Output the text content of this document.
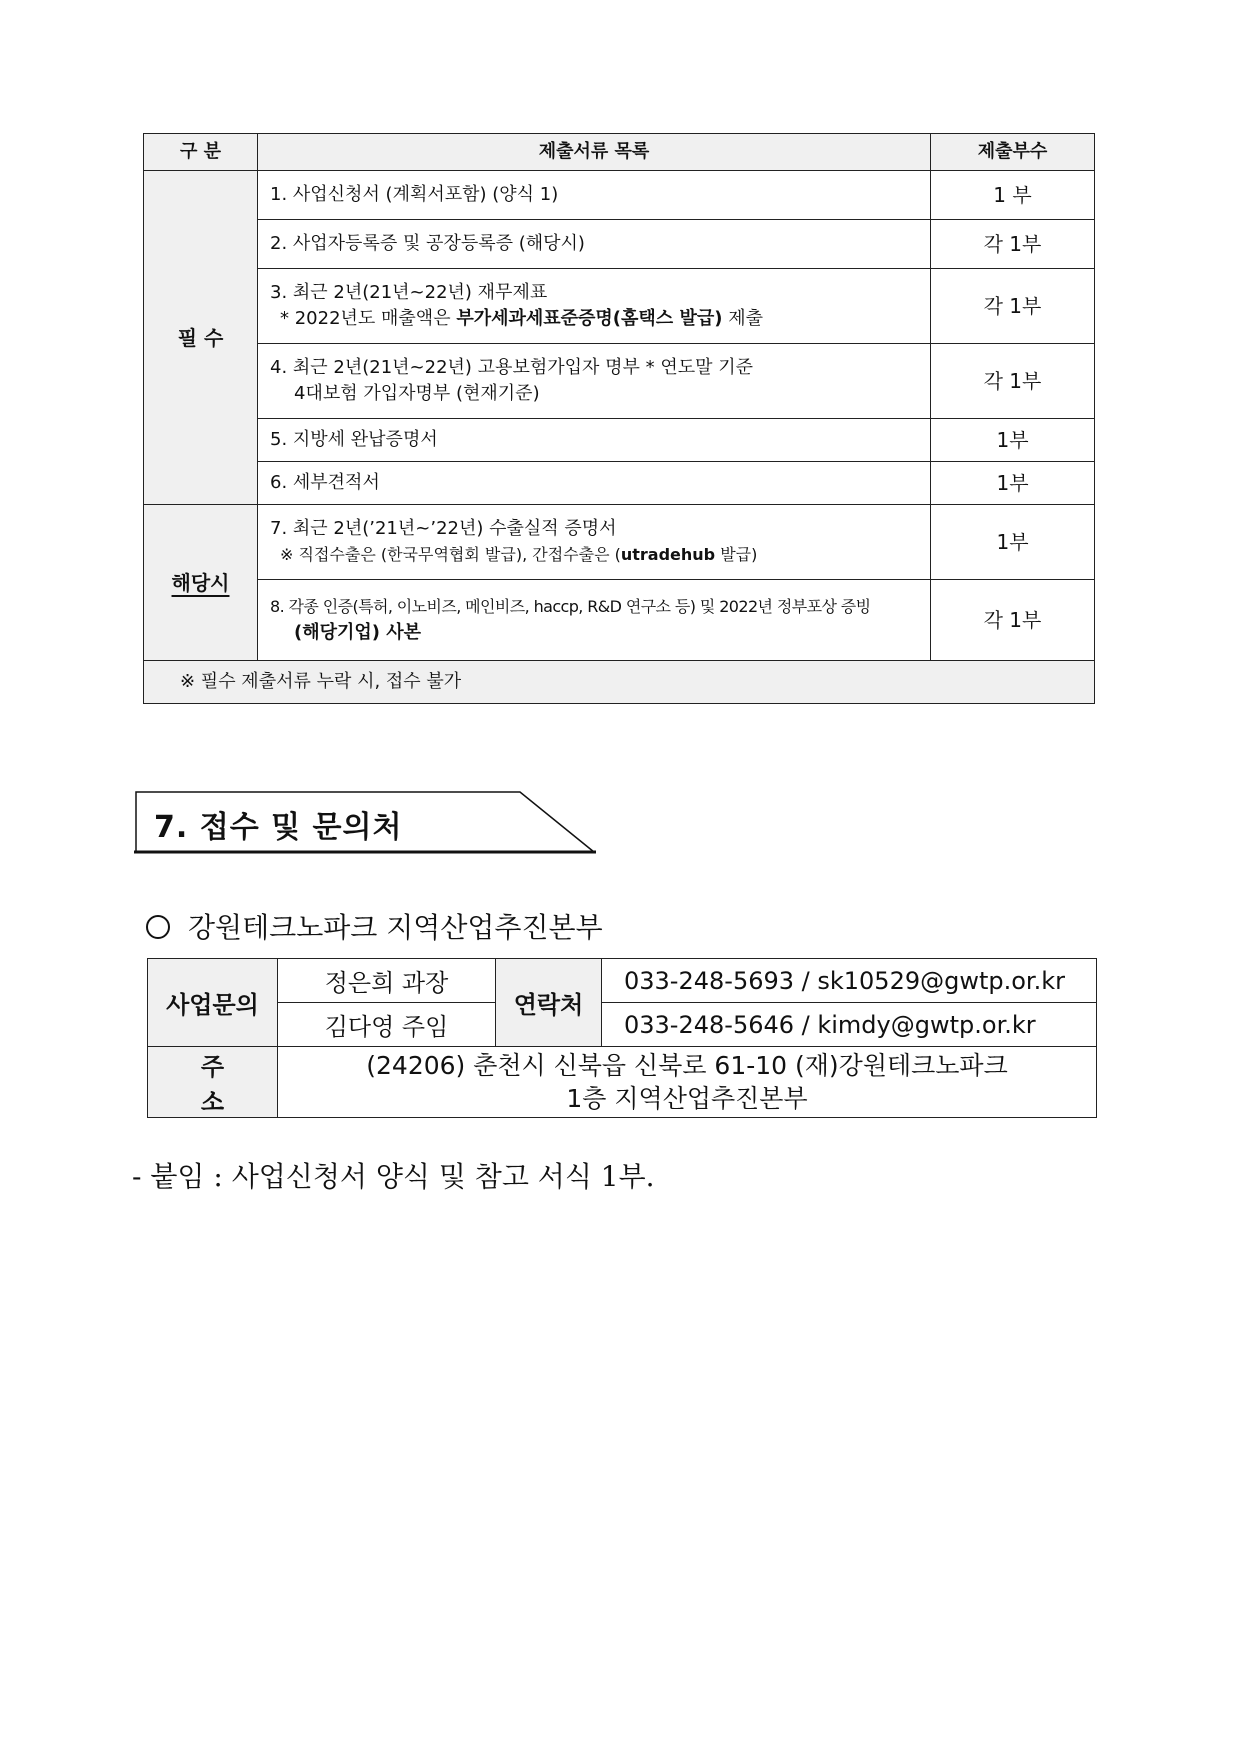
구 분	제출서류 목록	제출부수
필 수	1. 사업신청서 (계획서포함) (양식 1)	1 부
	2. 사업자등록증 및 공장등록증 (해당시)	각 1부

	3. 최근 2년(21년~22년) 재무제표
* 2022년도 매출액은 부가세과세표준증명(홈택스 발급) 제출	각 1부

	4. 최근 2년(21년~22년) 고용보험가입자 명부 * 연도말 기준
4대보험 가입자명부 (현재기준)	각 1부
	5. 지방세 완납증명서	1부
	6. 세부견적서	1부
해당시	7. 최근 2년(’21년~’22년) 수출실적 증명서
※ 직접수출은 (한국무역협회 발급), 간접수출은 (utradehub 발급)	1부

	8. 각종 인증(특허, 이노비즈, 메인비즈, haccp, R&D 연구소 등) 및 2022년 정부포상 증빙
(해당기업) 사본	각 1부
※ 필수 제출서류 누락 시, 접수 불가		
7. 접수 및 문의처
강원테크노파크 지역산업추진본부
사업문의	정은희 과장	연락처	033-248-5693 / sk10529@gwtp.or.kr
	김다영 주임		033-248-5646 / kimdy@gwtp.or.kr
주 소	(24206) 춘천시 신북읍 신북로 61-10 (재)강원테크노파크
1층 지역산업추진본부		
- 붙임 : 사업신청서 양식 및 참고 서식 1부.
